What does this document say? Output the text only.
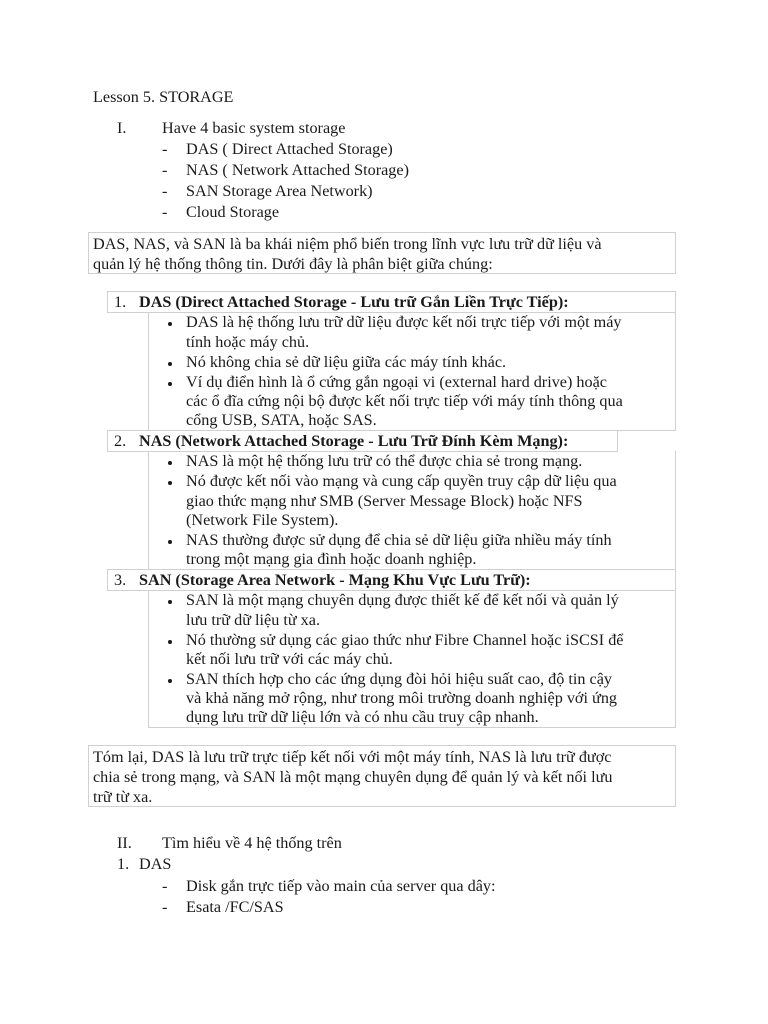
Lesson 5. STORAGE
I. Have 4 basic system storage
- DAS ( Direct Attached Storage)
- NAS ( Network Attached Storage)
- SAN Storage Area Network)
- Cloud Storage
DAS, NAS, và SAN là ba khái niệm phổ biến trong lĩnh vực lưu trữ dữ liệu và
quản lý hệ thống thông tin. Dưới đây là phân biệt giữa chúng:
1. DAS (Direct Attached Storage - Lưu trữ Gắn Liền Trực Tiếp):
DAS là hệ thống lưu trữ dữ liệu được kết nối trực tiếp với một máy
tính hoặc máy chủ.
Nó không chia sẻ dữ liệu giữa các máy tính khác.
Ví dụ điển hình là ổ cứng gắn ngoại vi (external hard drive) hoặc
các ổ đĩa cứng nội bộ được kết nối trực tiếp với máy tính thông qua
cổng USB, SATA, hoặc SAS.
2. NAS (Network Attached Storage - Lưu Trữ Đính Kèm Mạng):
NAS là một hệ thống lưu trữ có thể được chia sẻ trong mạng.
Nó được kết nối vào mạng và cung cấp quyền truy cập dữ liệu qua
giao thức mạng như SMB (Server Message Block) hoặc NFS
(Network File System).
NAS thường được sử dụng để chia sẻ dữ liệu giữa nhiều máy tính
trong một mạng gia đình hoặc doanh nghiệp.
3. SAN (Storage Area Network - Mạng Khu Vực Lưu Trữ):
SAN là một mạng chuyên dụng được thiết kế để kết nối và quản lý
lưu trữ dữ liệu từ xa.
Nó thường sử dụng các giao thức như Fibre Channel hoặc iSCSI để
kết nối lưu trữ với các máy chủ.
SAN thích hợp cho các ứng dụng đòi hỏi hiệu suất cao, độ tin cậy
và khả năng mở rộng, như trong môi trường doanh nghiệp với ứng
dụng lưu trữ dữ liệu lớn và có nhu cầu truy cập nhanh.
Tóm lại, DAS là lưu trữ trực tiếp kết nối với một máy tính, NAS là lưu trữ được
chia sẻ trong mạng, và SAN là một mạng chuyên dụng để quản lý và kết nối lưu
trữ từ xa.
II. Tìm hiểu về 4 hệ thống trên
1. DAS
- Disk gắn trực tiếp vào main của server qua dây:
- Esata /FC/SAS
